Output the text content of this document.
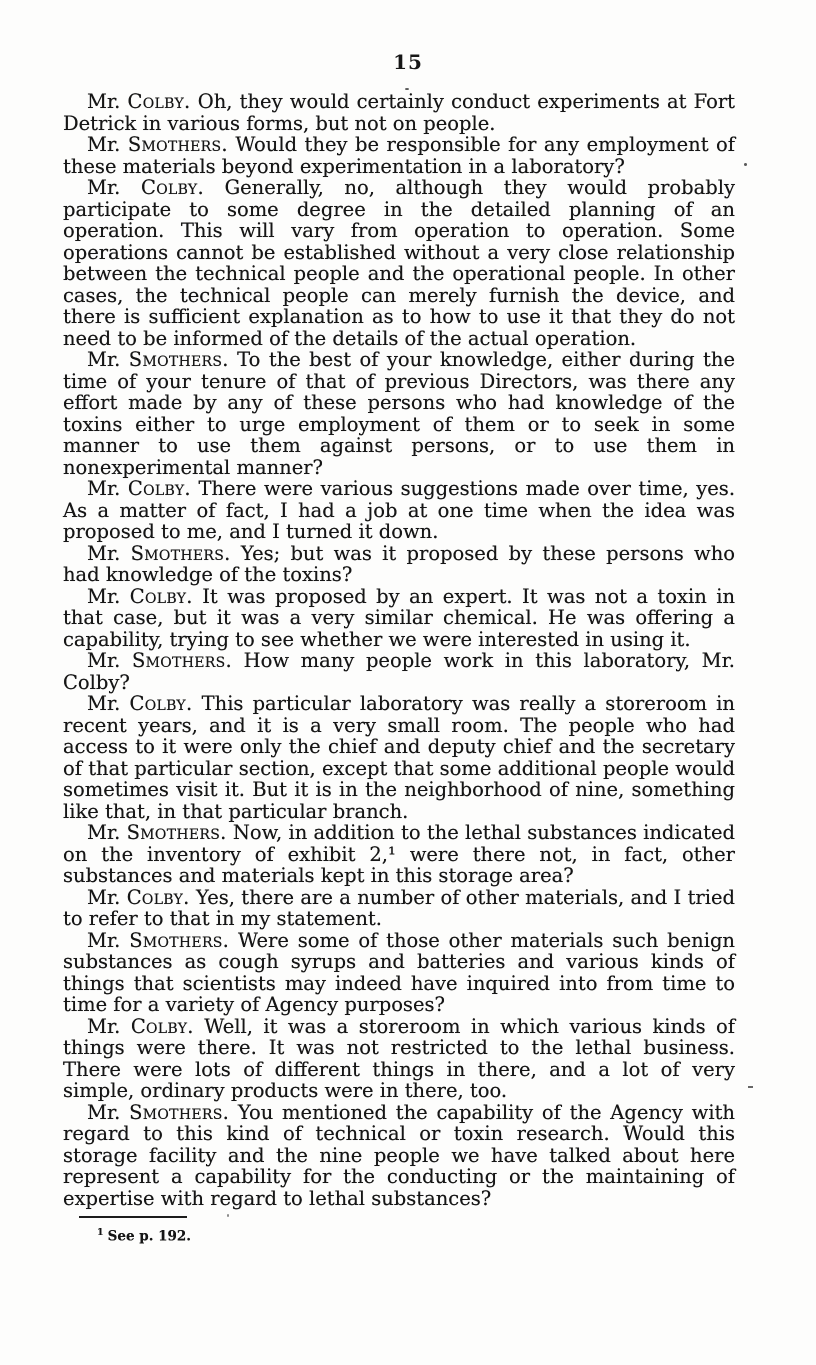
15

Mr. Colby. Oh, they would certainly conduct experiments at Fort Detrick in various forms, but not on people.

Mr. Smothers. Would they be responsible for any employment of these materials beyond experimentation in a laboratory?

Mr. Colby. Generally, no, although they would probably participate to some degree in the detailed planning of an operation. This will vary from operation to operation. Some operations cannot be established without a very close relationship between the technical people and the operational people. In other cases, the technical people can merely furnish the device, and there is sufficient explanation as to how to use it that they do not need to be informed of the details of the actual operation.

Mr. Smothers. To the best of your knowledge, either during the time of your tenure of that of previous Directors, was there any effort made by any of these persons who had knowledge of the toxins either to urge employment of them or to seek in some manner to use them against persons, or to use them in nonexperimental manner?

Mr. Colby. There were various suggestions made over time, yes. As a matter of fact, I had a job at one time when the idea was proposed to me, and I turned it down.

Mr. Smothers. Yes; but was it proposed by these persons who had knowledge of the toxins?

Mr. Colby. It was proposed by an expert. It was not a toxin in that case, but it was a very similar chemical. He was offering a capability, trying to see whether we were interested in using it.

Mr. Smothers. How many people work in this laboratory, Mr. Colby?

Mr. Colby. This particular laboratory was really a storeroom in recent years, and it is a very small room. The people who had access to it were only the chief and deputy chief and the secretary of that particular section, except that some additional people would sometimes visit it. But it is in the neighborhood of nine, something like that, in that particular branch.

Mr. Smothers. Now, in addition to the lethal substances indicated on the inventory of exhibit 2,¹ were there not, in fact, other substances and materials kept in this storage area?

Mr. Colby. Yes, there are a number of other materials, and I tried to refer to that in my statement.

Mr. Smothers. Were some of those other materials such benign substances as cough syrups and batteries and various kinds of things that scientists may indeed have inquired into from time to time for a variety of Agency purposes?

Mr. Colby. Well, it was a storeroom in which various kinds of things were there. It was not restricted to the lethal business. There were lots of different things in there, and a lot of very simple, ordinary products were in there, too.

Mr. Smothers. You mentioned the capability of the Agency with regard to this kind of technical or toxin research. Would this storage facility and the nine people we have talked about here represent a capability for the conducting or the maintaining of expertise with regard to lethal substances?

$^1$ See p. 192.
